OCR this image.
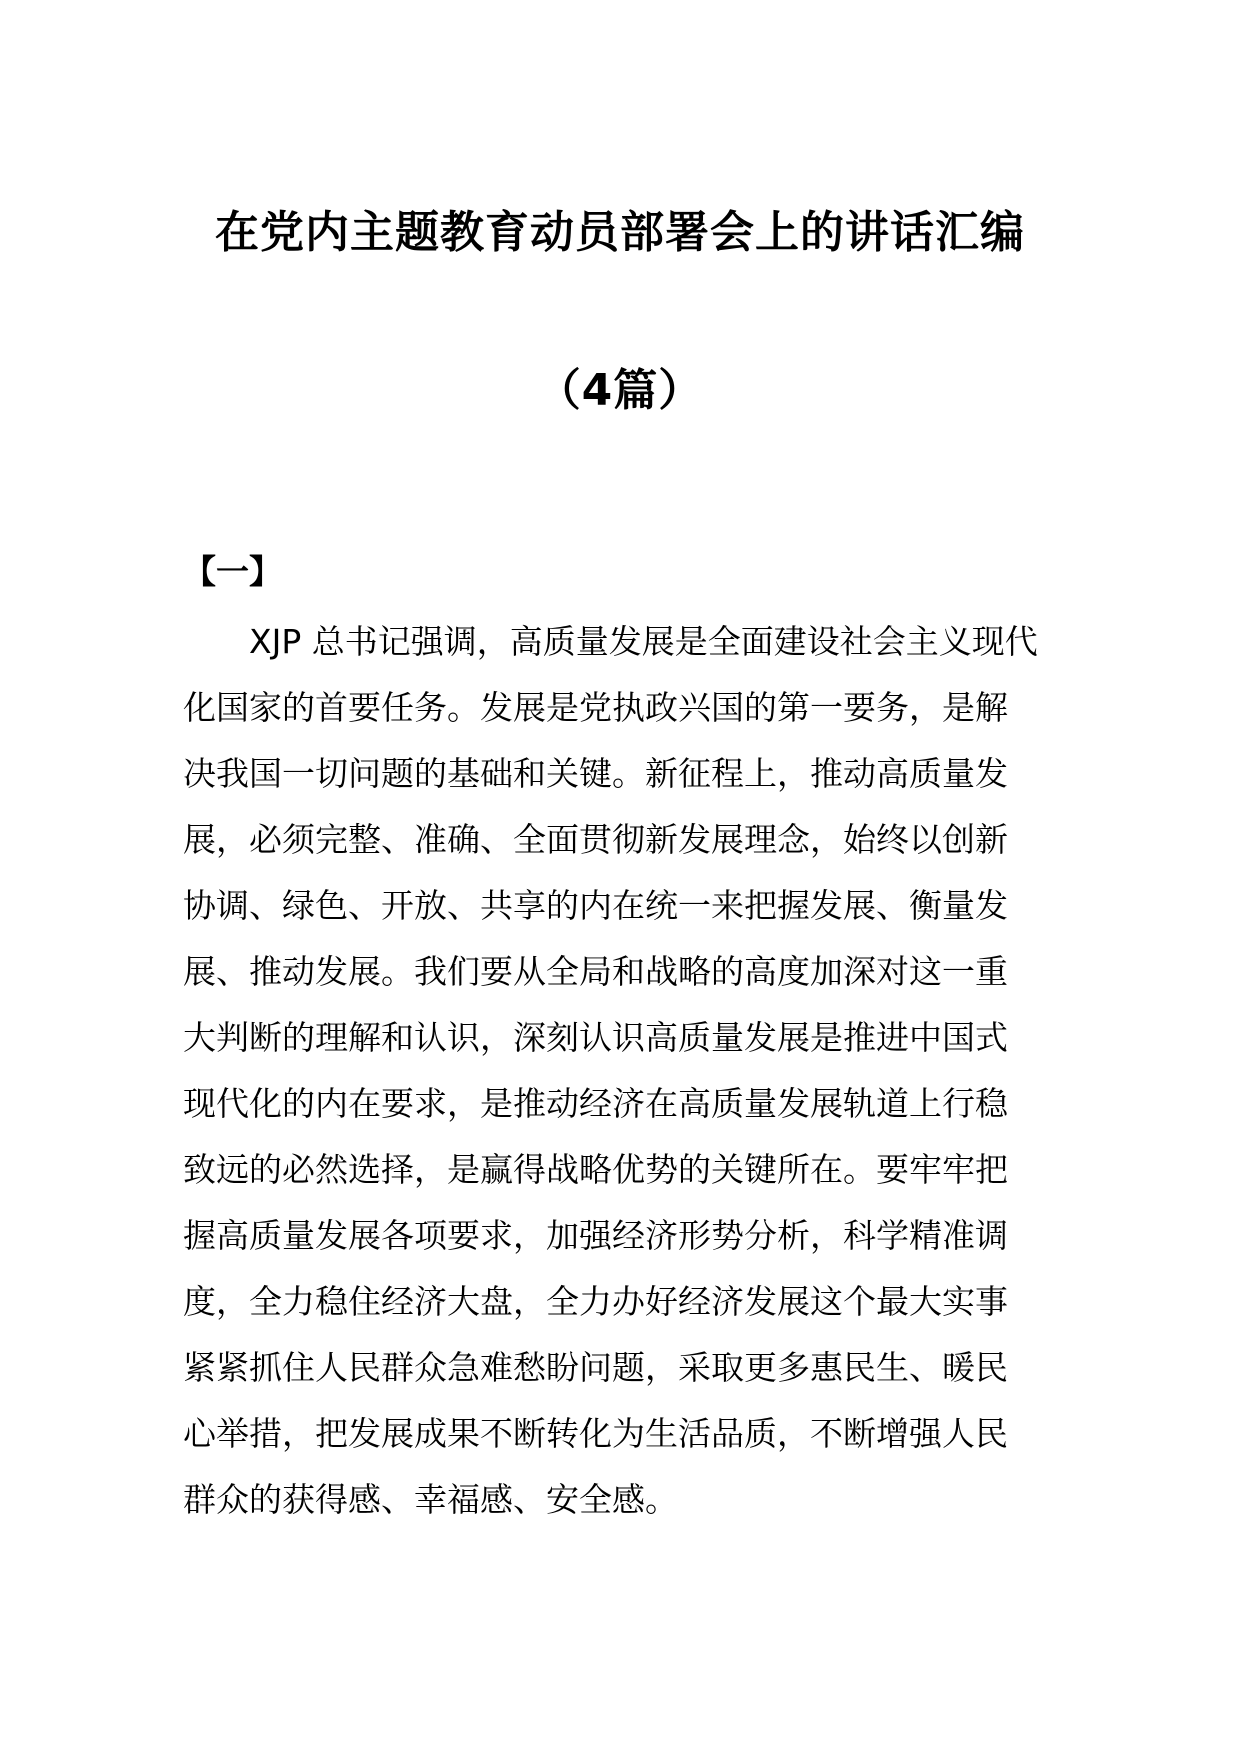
在党内主题教育动员部署会上的讲话汇编
（4篇）
【一】
XJP 总书记强调，高质量发展是全面建设社会主义现代
化国家的首要任务。发展是党执政兴国的第一要务，是解
决我国一切问题的基础和关键。新征程上，推动高质量发
展，必须完整、准确、全面贯彻新发展理念，始终以创新
协调、绿色、开放、共享的内在统一来把握发展、衡量发
展、推动发展。我们要从全局和战略的高度加深对这一重
大判断的理解和认识，深刻认识高质量发展是推进中国式
现代化的内在要求，是推动经济在高质量发展轨道上行稳
致远的必然选择，是赢得战略优势的关键所在。要牢牢把
握高质量发展各项要求，加强经济形势分析，科学精准调
度，全力稳住经济大盘，全力办好经济发展这个最大实事
紧紧抓住人民群众急难愁盼问题，采取更多惠民生、暖民
心举措，把发展成果不断转化为生活品质，不断增强人民
群众的获得感、幸福感、安全感。
